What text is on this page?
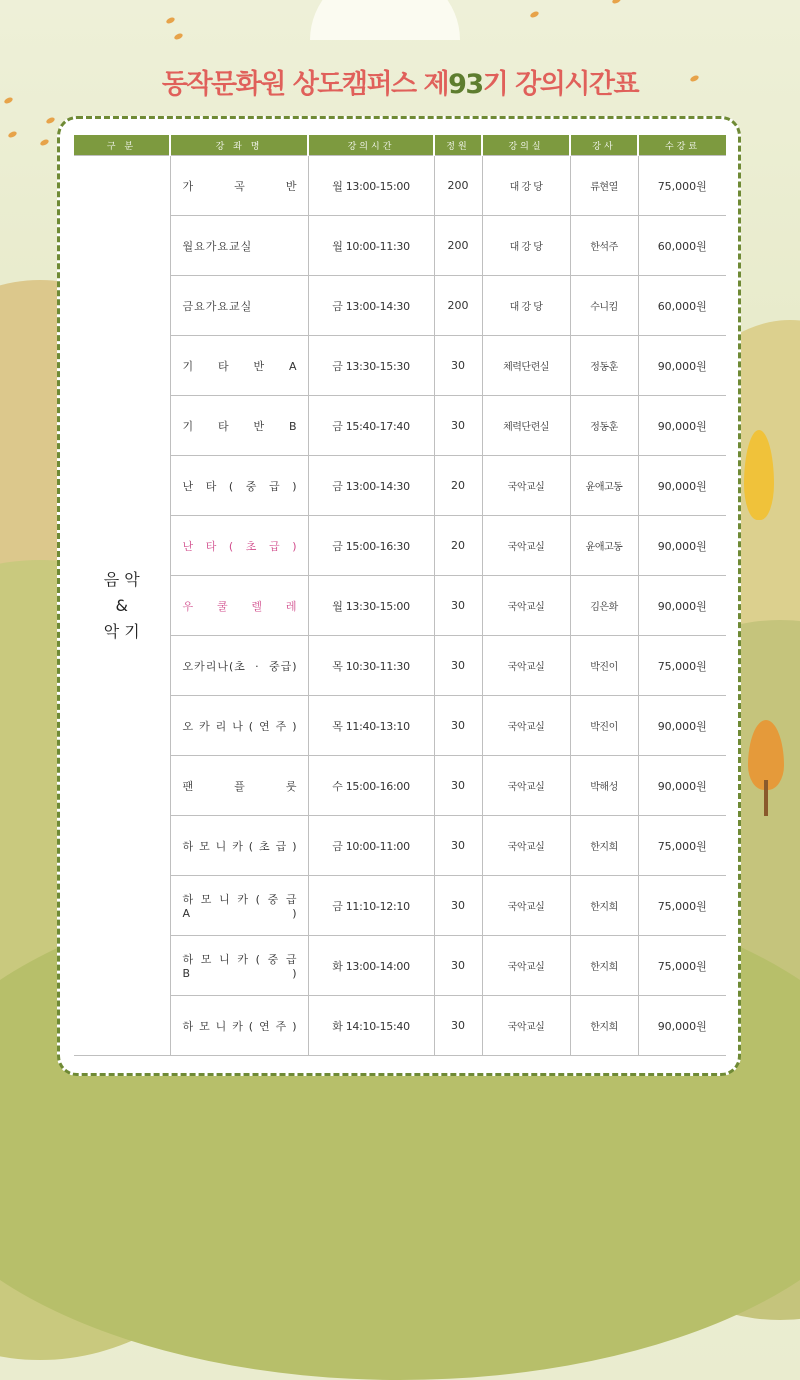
동작문화원 상도캠퍼스 제93기 강의시간표
구 분	강 좌 명	강의시간	정원	강의실	강사	수강료

음 악
&
악 기	가 곡 반	월 13:00-15:00	200	대 강 당	류현열	75,000원
	월요가요교실	월 10:00-11:30	200	대 강 당	한석주	60,000원
	금요가요교실	금 13:00-14:30	200	대 강 당	수니킴	60,000원
	기 타 반 A	금 13:30-15:30	30	체력단련실	정동훈	90,000원
	기 타 반 B	금 15:40-17:40	30	체력단련실	정동훈	90,000원
	난 타 ( 중 급 )	금 13:00-14:30	20	국악교실	윤애고동	90,000원
	난 타 ( 초 급 )	금 15:00-16:30	20	국악교실	윤애고동	90,000원
	우 쿨 렐 레	월 13:30-15:00	30	국악교실	김은화	90,000원
	오카리나(초 · 중급)	목 10:30-11:30	30	국악교실	박진이	75,000원
	오 카 리 나 ( 연 주 )	목 11:40-13:10	30	국악교실	박진이	90,000원
	팬 플 룻	수 15:00-16:00	30	국악교실	박해성	90,000원
	하 모 니 카 ( 초 급 )	금 10:00-11:00	30	국악교실	한지희	75,000원
	하 모 니 카 ( 중 급 A )	금 11:10-12:10	30	국악교실	한지희	75,000원
	하 모 니 카 ( 중 급 B )	화 13:00-14:00	30	국악교실	한지희	75,000원
	하 모 니 카 ( 연 주 )	화 14:10-15:40	30	국악교실	한지희	90,000원
